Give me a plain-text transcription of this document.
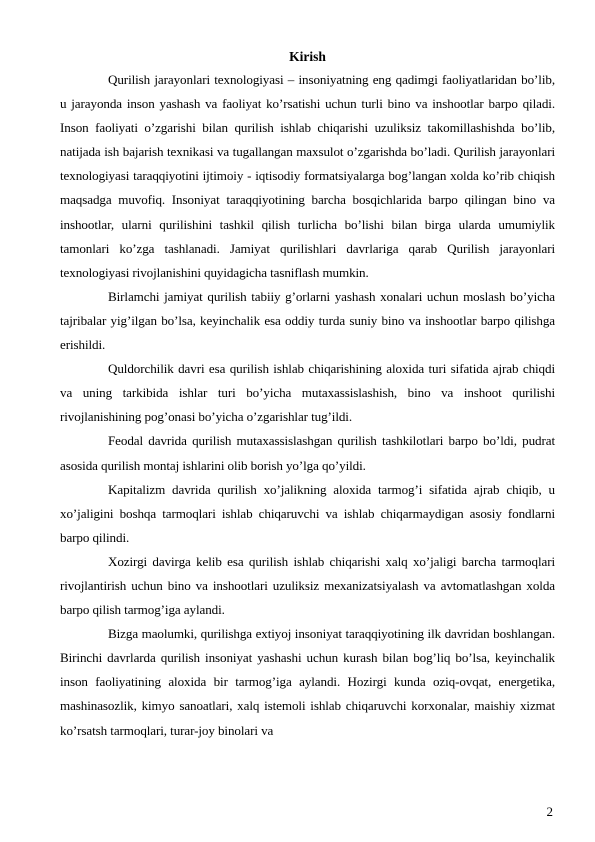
Kirish

Qurilish jarayonlari texnologiyasi – insoniyatning eng qadimgi faoliyatlaridan bo’lib, u jarayonda inson yashash va faoliyat ko’rsatishi uchun turli bino va inshootlar barpo qiladi. Inson faoliyati o’zgarishi bilan qurilish ishlab chiqarishi uzuliksiz takomillashishda bo’lib, natijada ish bajarish texnikasi va tugallangan maxsulot o’zgarishda bo’ladi. Qurilish jarayonlari texnologiyasi taraqqiyotini ijtimoiy - iqtisodiy formatsiyalarga bog’langan xolda ko’rib chiqish maqsadga muvofiq. Insoniyat taraqqiyotining barcha bosqichlarida barpo qilingan bino va inshootlar, ularni qurilishini tashkil qilish turlicha bo’lishi bilan birga ularda umumiylik tamonlari ko’zga tashlanadi. Jamiyat qurilishlari davrlariga qarab Qurilish jarayonlari texnologiyasi rivojlanishini quyidagicha tasniflash mumkin.

Birlamchi jamiyat qurilish tabiiy g’orlarni yashash xonalari uchun moslash bo’yicha tajribalar yig’ilgan bo’lsa, keyinchalik esa oddiy turda suniy bino va inshootlar barpo qilishga erishildi.

Quldorchilik davri esa qurilish ishlab chiqarishining aloxida turi sifatida ajrab chiqdi va uning tarkibida ishlar turi bo’yicha mutaxassislashish, bino va inshoot qurilishi rivojlanishining pog’onasi bo’yicha o’zgarishlar tug’ildi.

Feodal davrida qurilish mutaxassislashgan qurilish tashkilotlari barpo bo’ldi, pudrat asosida qurilish montaj ishlarini olib borish yo’lga qo’yildi.

Kapitalizm davrida qurilish xo’jalikning aloxida tarmog’i sifatida ajrab chiqib, u xo’jaligini boshqa tarmoqlari ishlab chiqaruvchi va ishlab chiqarmaydigan asosiy fondlarni barpo qilindi.

Xozirgi davirga kelib esa qurilish ishlab chiqarishi xalq xo’jaligi barcha tarmoqlari rivojlantirish uchun bino va inshootlari uzuliksiz mexanizatsiyalash va avtomatlashgan xolda barpo qilish tarmog’iga aylandi.

Bizga maolumki, qurilishga extiyoj insoniyat taraqqiyotining ilk davridan boshlangan. Birinchi davrlarda qurilish insoniyat yashashi uchun kurash bilan bog’liq bo’lsa, keyinchalik inson faoliyatining aloxida bir tarmog’iga aylandi. Hozirgi kunda oziq-ovqat, energetika, mashinasozlik, kimyo sanoatlari, xalq istemoli ishlab chiqaruvchi korxonalar, maishiy xizmat ko’rsatsh tarmoqlari, turar-joy binolari va

2
